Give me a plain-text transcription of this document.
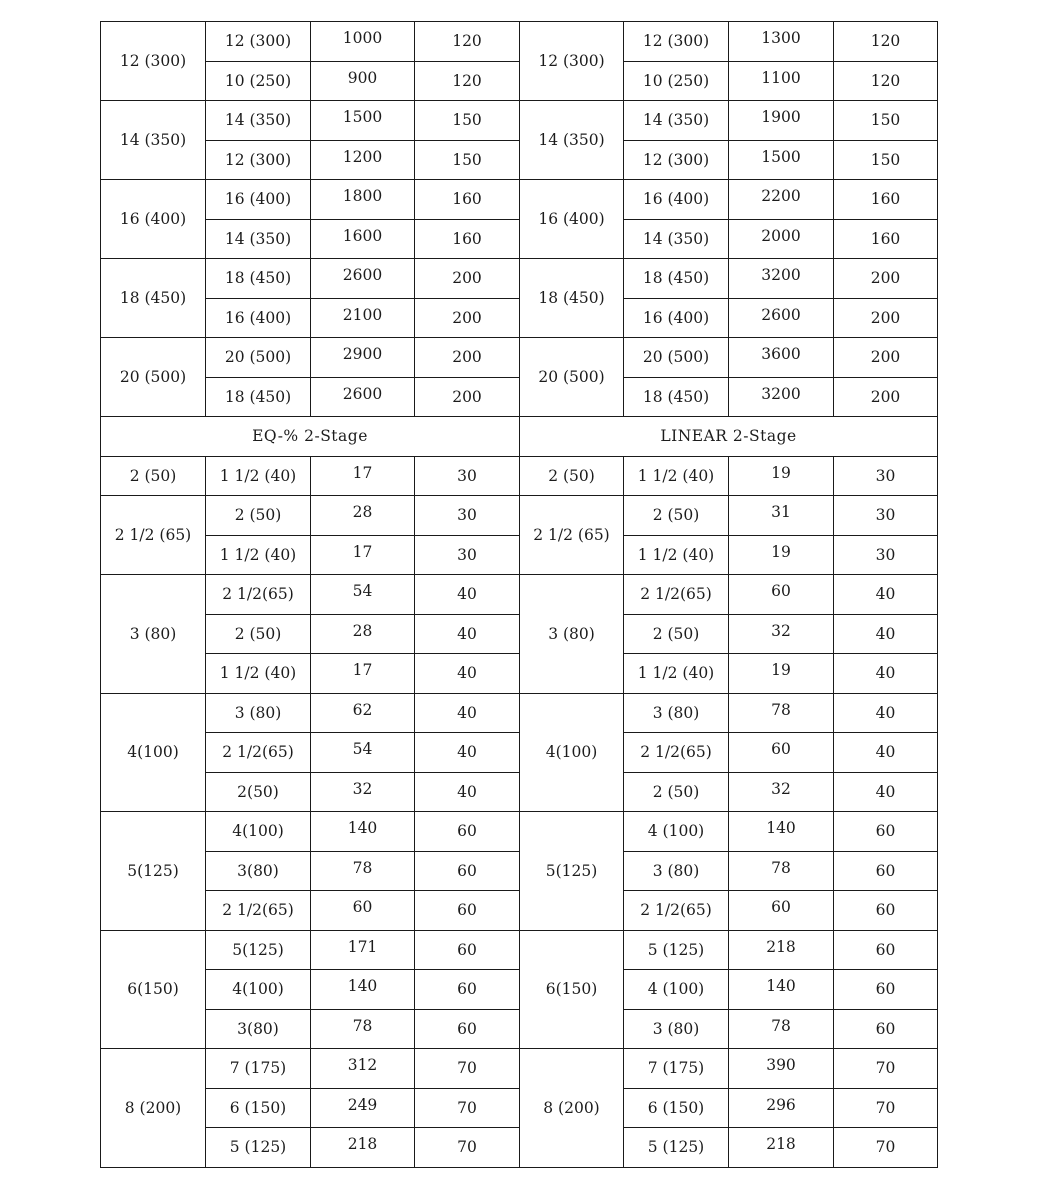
12 (300)	12 (300)	1000	120	12 (300)	12 (300)	1300	120
	10 (250)	900	120		10 (250)	1100	120
14 (350)	14 (350)	1500	150	14 (350)	14 (350)	1900	150
	12 (300)	1200	150		12 (300)	1500	150
16 (400)	16 (400)	1800	160	16 (400)	16 (400)	2200	160
	14 (350)	1600	160		14 (350)	2000	160
18 (450)	18 (450)	2600	200	18 (450)	18 (450)	3200	200
	16 (400)	2100	200		16 (400)	2600	200
20 (500)	20 (500)	2900	200	20 (500)	20 (500)	3600	200
	18 (450)	2600	200		18 (450)	3200	200
EQ-% 2-Stage				LINEAR 2-Stage			
2 (50)	1 1/2 (40)	17	30	2 (50)	1 1/2 (40)	19	30
2 1/2 (65)	2 (50)	28	30	2 1/2 (65)	2 (50)	31	30
	1 1/2 (40)	17	30		1 1/2 (40)	19	30
3 (80)	2 1/2(65)	54	40	3 (80)	2 1/2(65)	60	40
	2 (50)	28	40		2 (50)	32	40
	1 1/2 (40)	17	40		1 1/2 (40)	19	40
4(100)	3 (80)	62	40	4(100)	3 (80)	78	40
	2 1/2(65)	54	40		2 1/2(65)	60	40
	2(50)	32	40		2 (50)	32	40
5(125)	4(100)	140	60	5(125)	4 (100)	140	60
	3(80)	78	60		3 (80)	78	60
	2 1/2(65)	60	60		2 1/2(65)	60	60
6(150)	5(125)	171	60	6(150)	5 (125)	218	60
	4(100)	140	60		4 (100)	140	60
	3(80)	78	60		3 (80)	78	60
8 (200)	7 (175)	312	70	8 (200)	7 (175)	390	70
	6 (150)	249	70		6 (150)	296	70
	5 (125)	218	70		5 (125)	218	70
